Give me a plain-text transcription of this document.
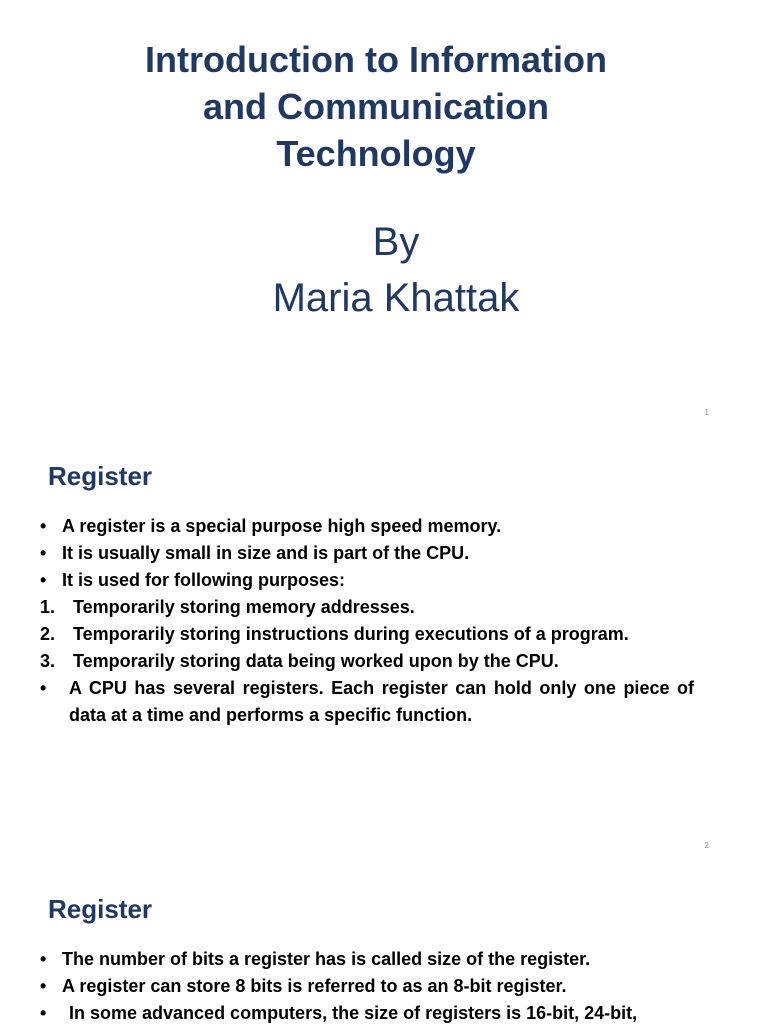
Introduction to Information
and Communication
Technology
By
Maria Khattak
1
Register
• A register is a special purpose high speed memory.
• It is usually small in size and is part of the CPU.
• It is used for following purposes:
1. Temporarily storing memory addresses.
2. Temporarily storing instructions during executions of a program.
3. Temporarily storing data being worked upon by the CPU.
• A CPU has several registers. Each register can hold only one piece of data at a time and performs a specific function.
2
Register
• The number of bits a register has is called size of the register.
• A register can store 8 bits is referred to as an 8-bit register.
• In some advanced computers, the size of registers is 16-bit, 24-bit,
